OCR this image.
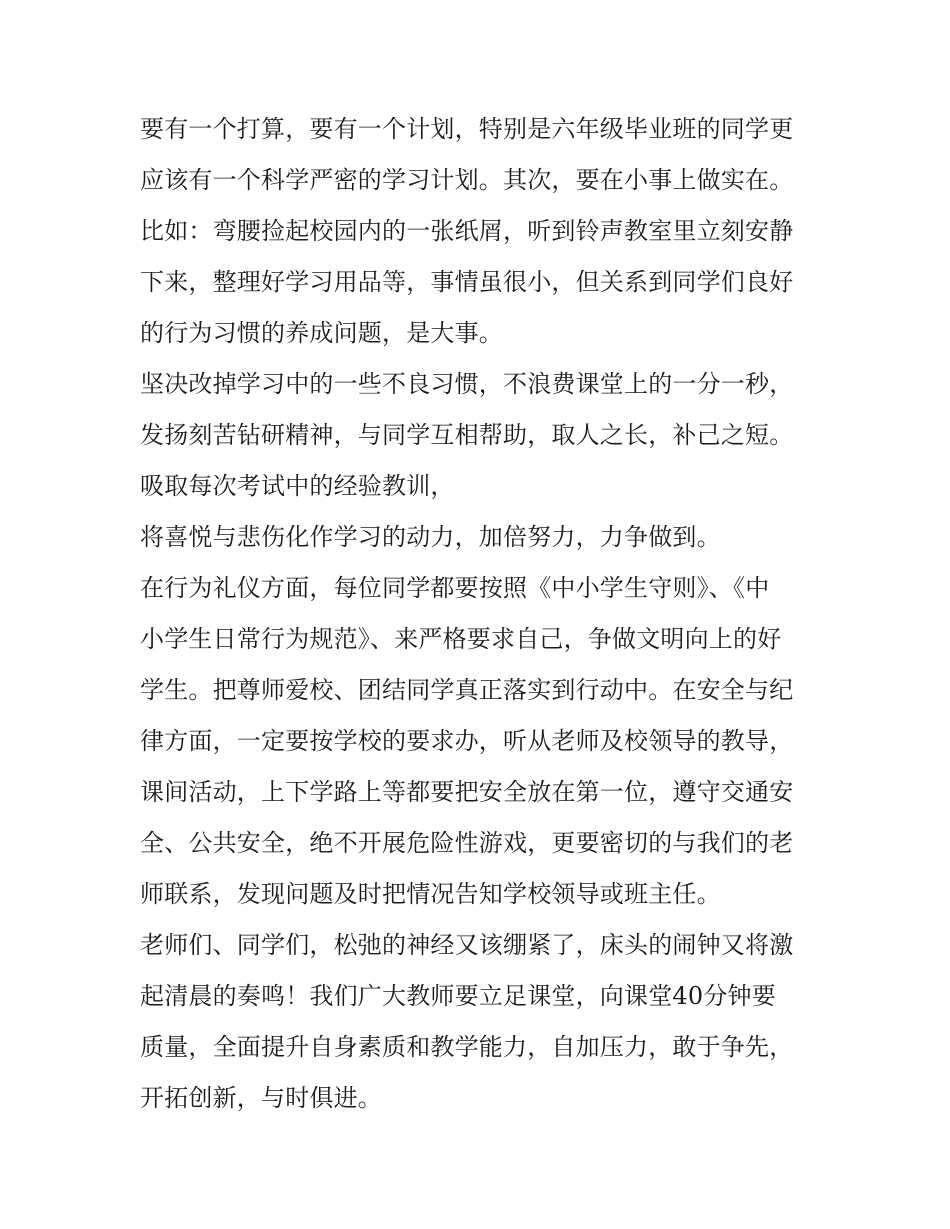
要有一个打算，要有一个计划，特别是六年级毕业班的同学更
应该有一个科学严密的学习计划。其次，要在小事上做实在。
比如：弯腰捡起校园内的一张纸屑，听到铃声教室里立刻安静
下来，整理好学习用品等，事情虽很小，但关系到同学们良好
的行为习惯的养成问题，是大事。
坚决改掉学习中的一些不良习惯，不浪费课堂上的一分一秒，
发扬刻苦钻研精神，与同学互相帮助，取人之长，补己之短。
吸取每次考试中的经验教训，
将喜悦与悲伤化作学习的动力，加倍努力，力争做到。
在行为礼仪方面，每位同学都要按照《中小学生守则》、《中
小学生日常行为规范》、来严格要求自己，争做文明向上的好
学生。把尊师爱校、团结同学真正落实到行动中。在安全与纪
律方面，一定要按学校的要求办，听从老师及校领导的教导，
课间活动，上下学路上等都要把安全放在第一位，遵守交通安
全、公共安全，绝不开展危险性游戏，更要密切的与我们的老
师联系，发现问题及时把情况告知学校领导或班主任。
老师们、同学们，松弛的神经又该绷紧了，床头的闹钟又将激
起清晨的奏鸣！我们广大教师要立足课堂，向课堂40分钟要
质量，全面提升自身素质和教学能力，自加压力，敢于争先，
开拓创新，与时俱进。
